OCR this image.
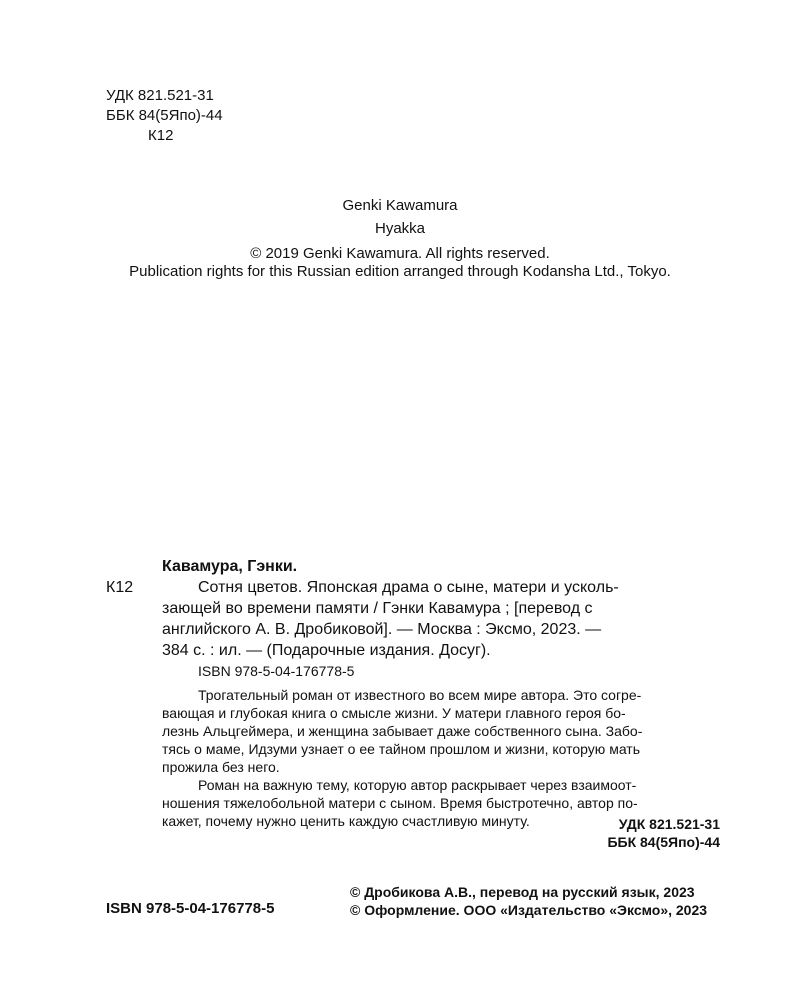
УДК 821.521-31
ББК 84(5Япо)-44
К12
Genki Kawamura
Hyakka
© 2019 Genki Kawamura. All rights reserved.
Publication rights for this Russian edition arranged through Kodansha Ltd., Tokyo.
Кавамура, Гэнки.
К12	Сотня цветов. Японская драма о сыне, матери и усколь-
зающей во времени памяти / Гэнки Кавамура ; [перевод с
английского А. В. Дробиковой]. — Москва : Эксмо, 2023. —
384 с. : ил. — (Подарочные издания. Досуг).
ISBN 978-5-04-176778-5
Трогательный роман от известного во всем мире автора. Это согре-
вающая и глубокая книга о смысле жизни. У матери главного героя бо-
лезнь Альцгеймера, и женщина забывает даже собственного сына. Забо-
тясь о маме, Идзуми узнает о ее тайном прошлом и жизни, которую мать
прожила без него.
Роман на важную тему, которую автор раскрывает через взаимоот-
ношения тяжелобольной матери с сыном. Время быстротечно, автор по-
кажет, почему нужно ценить каждую счастливую минуту.	УДК 821.521-31
ББК 84(5Япо)-44
© Дробикова А.В., перевод на русский язык, 2023
ISBN 978-5-04-176778-5	© Оформление. ООО «Издательство «Эксмо», 2023
